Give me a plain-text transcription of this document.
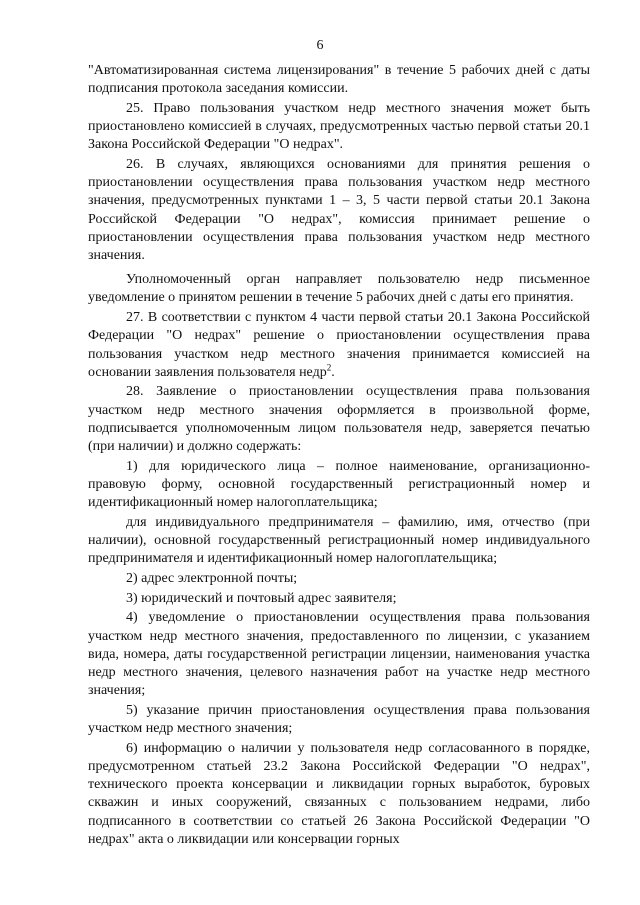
6

"Автоматизированная система лицензирования" в течение 5 рабочих дней с даты подписания протокола заседания комиссии.

25. Право пользования участком недр местного значения может быть приостановлено комиссией в случаях, предусмотренных частью первой статьи 20.1 Закона Российской Федерации "О недрах".

26. В случаях, являющихся основаниями для принятия решения о приостановлении осуществления права пользования участком недр местного значения, предусмотренных пунктами 1 – 3, 5 части первой статьи 20.1 Закона Российской Федерации "О недрах", комиссия принимает решение о приостановлении осуществления права пользования участком недр местного значения.

Уполномоченный орган направляет пользователю недр письменное уведомление о принятом решении в течение 5 рабочих дней с даты его принятия.

27. В соответствии с пунктом 4 части первой статьи 20.1 Закона Российской Федерации "О недрах" решение о приостановлении осуществления права пользования участком недр местного значения принимается комиссией на основании заявления пользователя недр$^2$.

28. Заявление о приостановлении осуществления права пользования участком недр местного значения оформляется в произвольной форме, подписывается уполномоченным лицом пользователя недр, заверяется печатью (при наличии) и должно содержать:

1) для юридического лица – полное наименование, организационно-правовую форму, основной государственный регистрационный номер и идентификационный номер налогоплательщика;

для индивидуального предпринимателя – фамилию, имя, отчество (при наличии), основной государственный регистрационный номер индивидуального предпринимателя и идентификационный номер налогоплательщика;

2) адрес электронной почты;

3) юридический и почтовый адрес заявителя;

4) уведомление о приостановлении осуществления права пользования участком недр местного значения, предоставленного по лицензии, с указанием вида, номера, даты государственной регистрации лицензии, наименования участка недр местного значения, целевого назначения работ на участке недр местного значения;

5) указание причин приостановления осуществления права пользования участком недр местного значения;

6) информацию о наличии у пользователя недр согласованного в порядке, предусмотренном статьей 23.2 Закона Российской Федерации "О недрах", технического проекта консервации и ликвидации горных выработок, буровых скважин и иных сооружений, связанных с пользованием недрами, либо подписанного в соответствии со статьей 26 Закона Российской Федерации "О недрах" акта о ликвидации или консервации горных
